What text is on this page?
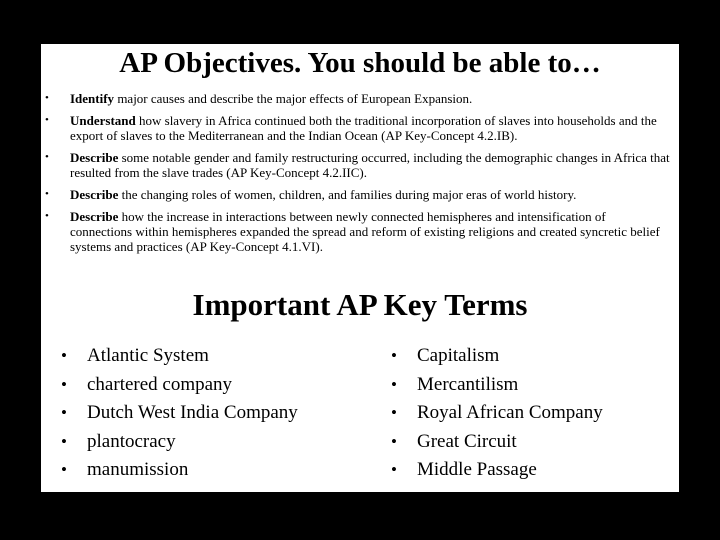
AP Objectives. You should be able to…
• Identify major causes and describe the major effects of European Expansion.
• Understand how slavery in Africa continued both the traditional incorporation of slaves into households and the export of slaves to the Mediterranean and the Indian Ocean (AP Key-Concept 4.2.IB).
• Describe some notable gender and family restructuring occurred, including the demographic changes in Africa that resulted from the slave trades (AP Key-Concept 4.2.IIC).
• Describe the changing roles of women, children, and families during major eras of world history.
• Describe how the increase in interactions between newly connected hemispheres and intensification of connections within hemispheres expanded the spread and reform of existing religions and created syncretic belief systems and practices (AP Key-Concept 4.1.VI).
Important AP Key Terms
• Atlantic System
• chartered company
• Dutch West India Company
• plantocracy
• manumission
• Capitalism
• Mercantilism
• Royal African Company
• Great Circuit
• Middle Passage
